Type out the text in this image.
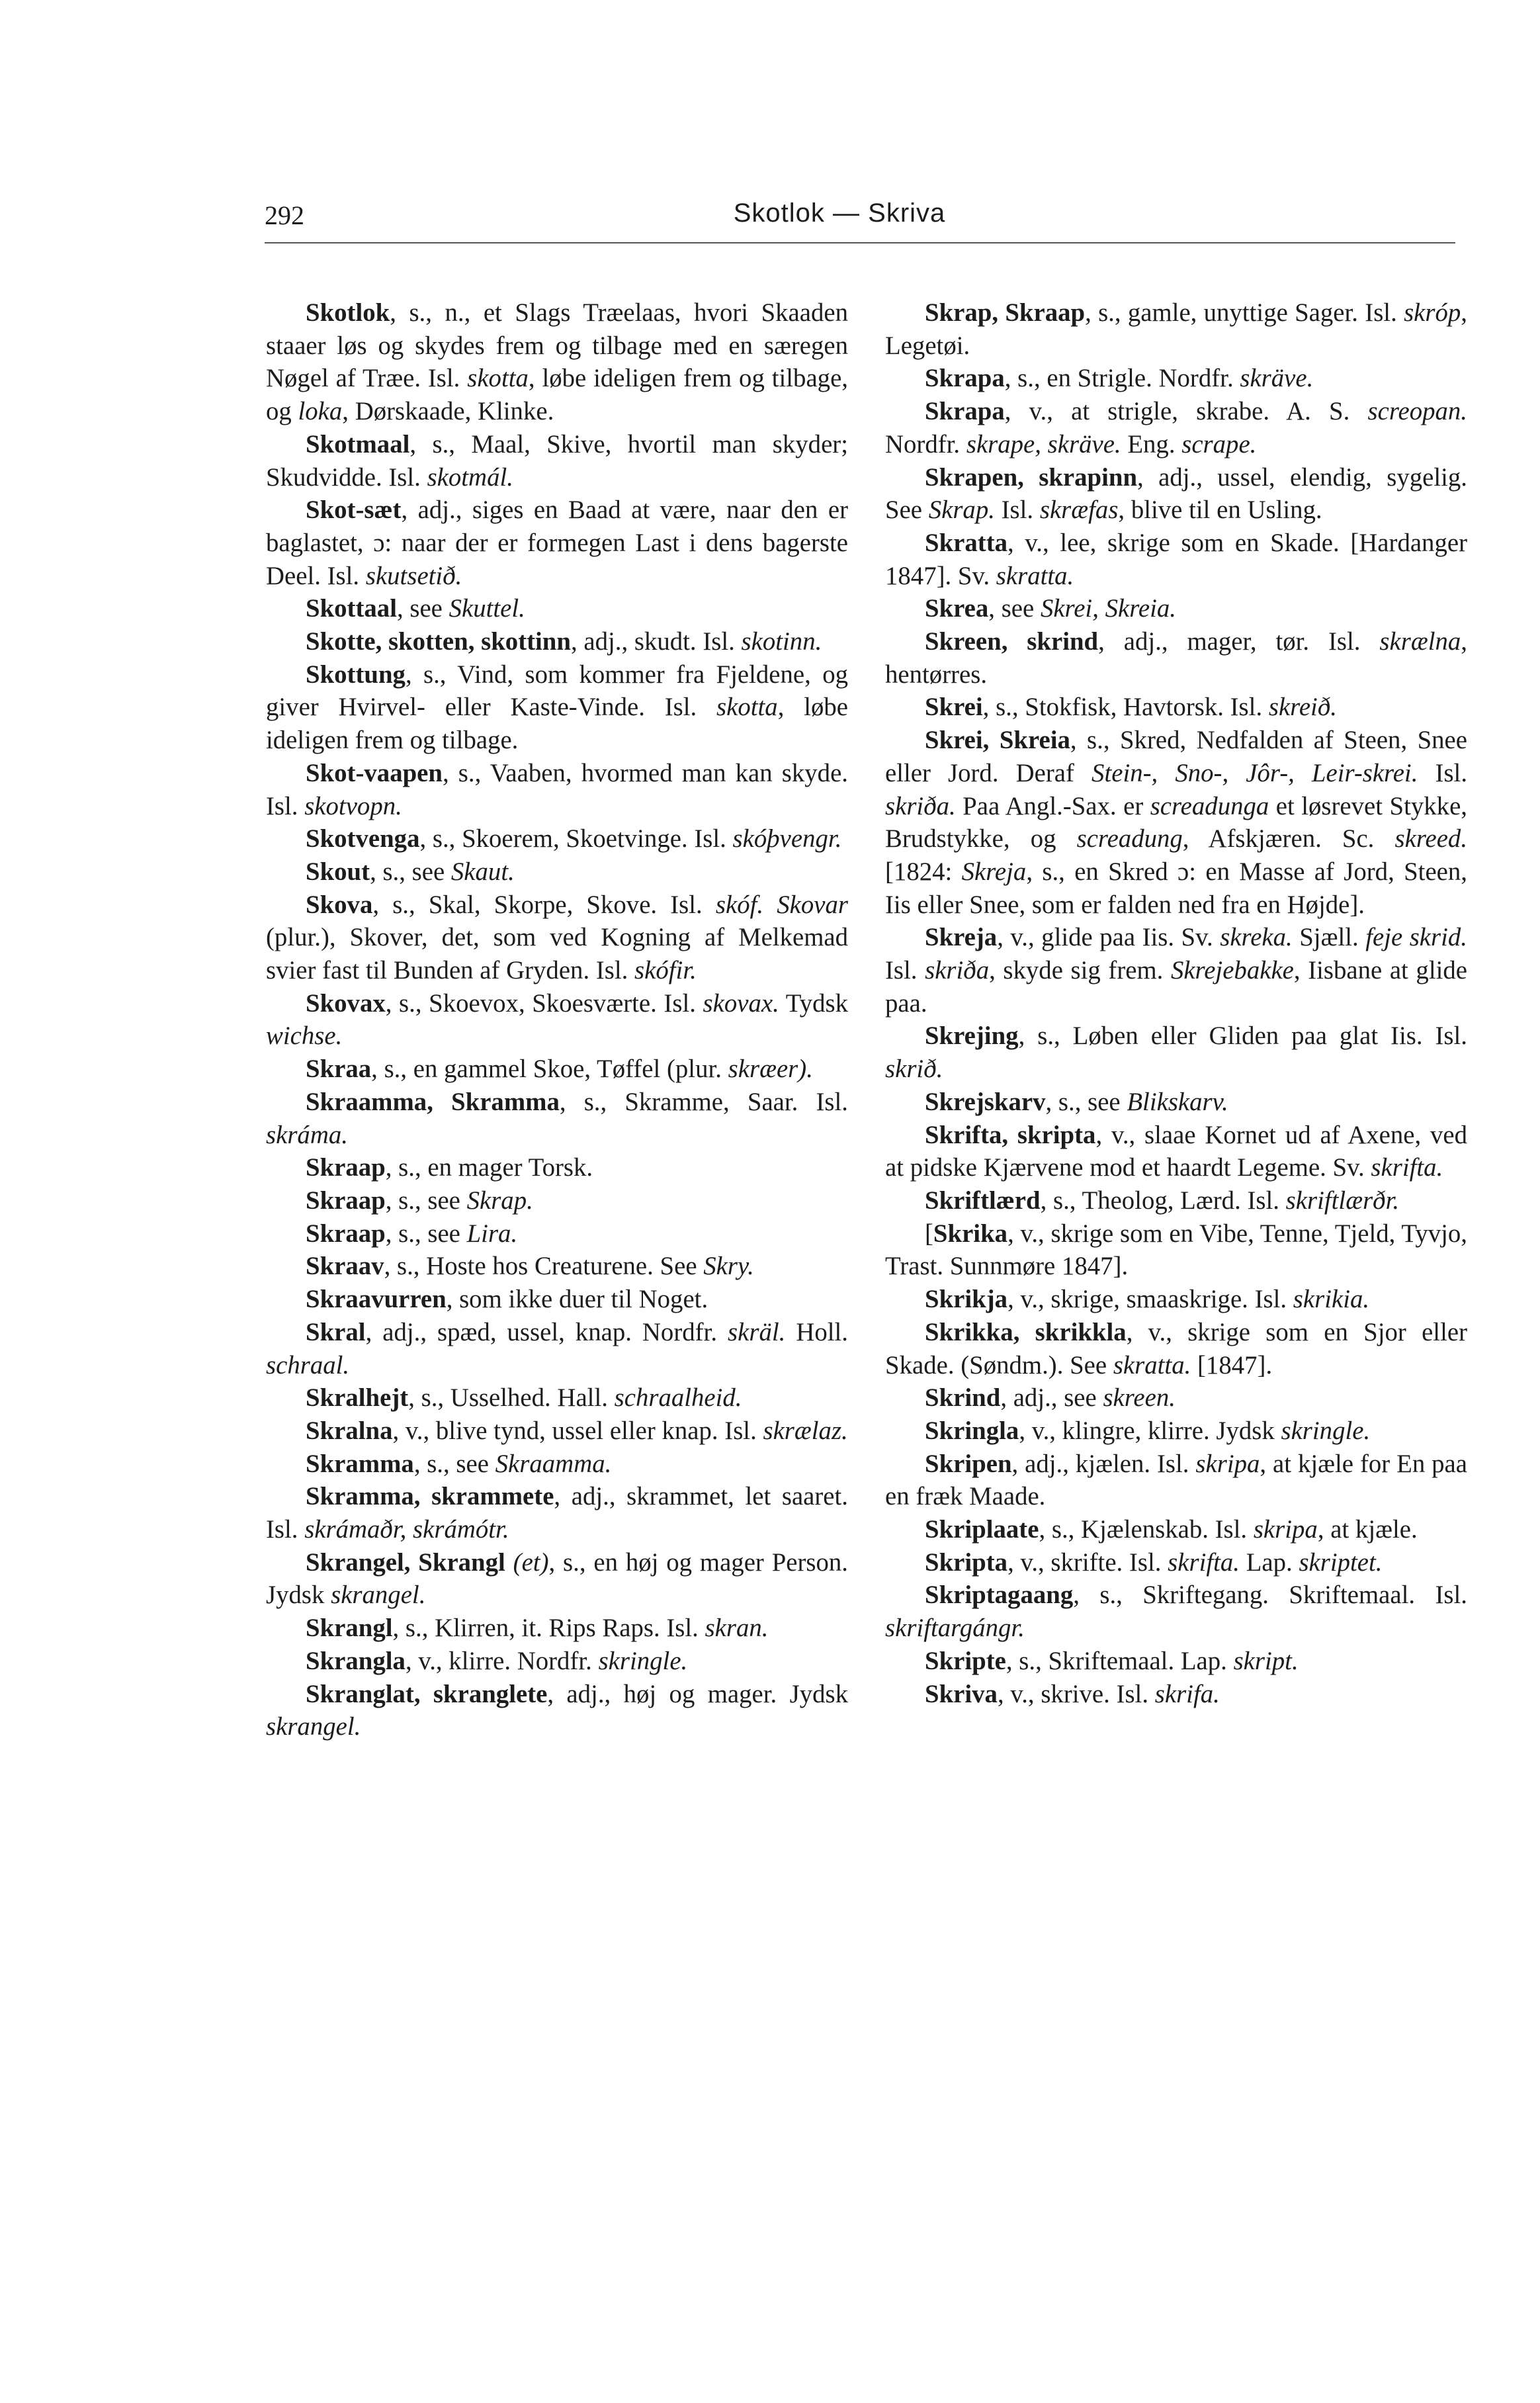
292	Skotlok — Skriva

Skotlok, s., n., et Slags Træelaas, hvori Skaaden staaer løs og skydes frem og tilbage med en særegen Nøgel af Træe. Isl. skotta, løbe ideligen frem og tilbage, og loka, Dørskaade, Klinke.

Skotmaal, s., Maal, Skive, hvortil man skyder; Skudvidde. Isl. skotmál.

Skot-sæt, adj., siges en Baad at være, naar den er baglastet, ɔ: naar der er formegen Last i dens bagerste Deel. Isl. skutsetið.

Skottaal, see Skuttel.

Skotte, skotten, skottinn, adj., skudt. Isl. skotinn.

Skottung, s., Vind, som kommer fra Fjeldene, og giver Hvirvel- eller Kaste-Vinde. Isl. skotta, løbe ideligen frem og tilbage.

Skot-vaapen, s., Vaaben, hvormed man kan skyde. Isl. skotvopn.

Skotvenga, s., Skoerem, Skoetvinge. Isl. skóþvengr.

Skout, s., see Skaut.

Skova, s., Skal, Skorpe, Skove. Isl. skóf. Skovar (plur.), Skover, det, som ved Kogning af Melkemad svier fast til Bunden af Gryden. Isl. skófir.

Skovax, s., Skoevox, Skoesværte. Isl. skovax. Tydsk wichse.

Skraa, s., en gammel Skoe, Tøffel (plur. skræer).

Skraamma, Skramma, s., Skramme, Saar. Isl. skráma.

Skraap, s., en mager Torsk.

Skraap, s., see Skrap.

Skraap, s., see Lira.

Skraav, s., Hoste hos Creaturene. See Skry.

Skraavurren, som ikke duer til Noget.

Skral, adj., spæd, ussel, knap. Nordfr. skräl. Holl. schraal.

Skralhejt, s., Usselhed. Hall. schraalheid.

Skralna, v., blive tynd, ussel eller knap. Isl. skrælaz.

Skramma, s., see Skraamma.

Skramma, skrammete, adj., skrammet, let saaret. Isl. skrámaðr, skrámótr.

Skrangel, Skrangl (et), s., en høj og mager Person. Jydsk skrangel.

Skrangl, s., Klirren, it. Rips Raps. Isl. skran.

Skrangla, v., klirre. Nordfr. skringle.

Skranglat, skranglete, adj., høj og mager. Jydsk skrangel.

Skrap, Skraap, s., gamle, unyttige Sager. Isl. skróp, Legetøi.

Skrapa, s., en Strigle. Nordfr. skräve.

Skrapa, v., at strigle, skrabe. A. S. screopan. Nordfr. skrape, skräve. Eng. scrape.

Skrapen, skrapinn, adj., ussel, elendig, sygelig. See Skrap. Isl. skræfas, blive til en Usling.

Skratta, v., lee, skrige som en Skade. [Hardanger 1847]. Sv. skratta.

Skrea, see Skrei, Skreia.

Skreen, skrind, adj., mager, tør. Isl. skrælna, hentørres.

Skrei, s., Stokfisk, Havtorsk. Isl. skreið.

Skrei, Skreia, s., Skred, Nedfalden af Steen, Snee eller Jord. Deraf Stein-, Sno-, Jôr-, Leir-skrei. Isl. skriða. Paa Angl.-Sax. er screadunga et løsrevet Stykke, Brudstykke, og screadung, Afskjæren. Sc. skreed. [1824: Skreja, s., en Skred ɔ: en Masse af Jord, Steen, Iis eller Snee, som er falden ned fra en Højde].

Skreja, v., glide paa Iis. Sv. skreka. Sjæll. feje skrid. Isl. skriða, skyde sig frem. Skrejebakke, Iisbane at glide paa.

Skrejing, s., Løben eller Gliden paa glat Iis. Isl. skrið.

Skrejskarv, s., see Blikskarv.

Skrifta, skripta, v., slaae Kornet ud af Axene, ved at pidske Kjærvene mod et haardt Legeme. Sv. skrifta.

Skriftlærd, s., Theolog, Lærd. Isl. skriftlærðr.

[Skrika, v., skrige som en Vibe, Tenne, Tjeld, Tyvjo, Trast. Sunnmøre 1847].

Skrikja, v., skrige, smaaskrige. Isl. skrikia.

Skrikka, skrikkla, v., skrige som en Sjor eller Skade. (Søndm.). See skratta. [1847].

Skrind, adj., see skreen.

Skringla, v., klingre, klirre. Jydsk skringle.

Skripen, adj., kjælen. Isl. skripa, at kjæle for En paa en fræk Maade.

Skriplaate, s., Kjælenskab. Isl. skripa, at kjæle.

Skripta, v., skrifte. Isl. skrifta. Lap. skriptet.

Skriptagaang, s., Skriftegang. Skriftemaal. Isl. skriftargángr.

Skripte, s., Skriftemaal. Lap. skript.

Skriva, v., skrive. Isl. skrifa.
